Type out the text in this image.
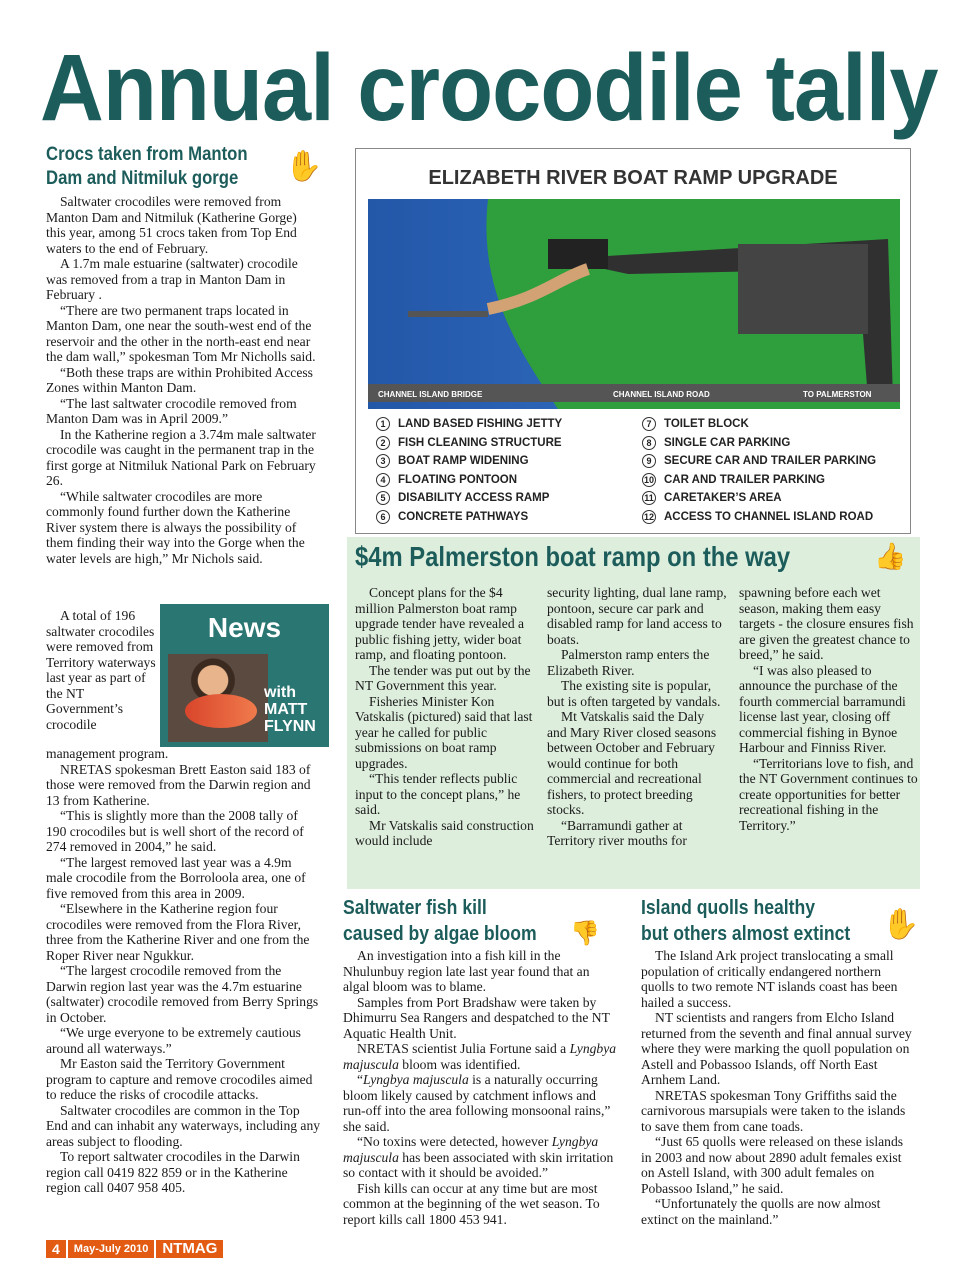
Annual crocodile tally
Crocs taken from Manton Dam and Nitmiluk gorge	✋

Saltwater crocodiles were removed from Manton Dam and Nitmiluk (Katherine Gorge) this year, among 51 crocs taken from Top End waters to the end of February.

A 1.7m male estuarine (saltwater) crocodile was removed from a trap in Manton Dam in February .

“There are two permanent traps located in Manton Dam, one near the south-west end of the reservoir and the other in the north-east end near the dam wall,” spokesman Tom Mr Nicholls said.

“Both these traps are within Prohibited Access Zones within Manton Dam.

“The last saltwater crocodile removed from Manton Dam was in April 2009.”

In the Katherine region a 3.74m male saltwater crocodile was caught in the permanent trap in the first gorge at Nitmiluk National Park on February 26.

“While saltwater crocodiles are more commonly found further down the Katherine River system there is always the possibility of them finding their way into the Gorge when the water levels are high,” Mr Nichols said.

A total of 196 saltwater crocodiles were removed from Territory waterways last year as part of the NT Government’s crocodile

News
with
MATT
FLYNN

management program.

NRETAS spokesman Brett Easton said 183 of those were removed from the Darwin region and 13 from Katherine.

“This is slightly more than the 2008 tally of 190 crocodiles but is well short of the record of 274 removed in 2004,” he said.

“The largest removed last year was a 4.9m male crocodile from the Borroloola area, one of five removed from this area in 2009.

“Elsewhere in the Katherine region four crocodiles were removed from the Flora River, three from the Katherine River and one from the Roper River near Ngukkur.

“The largest crocodile removed from the Darwin region last year was the 4.7m estuarine (saltwater) crocodile removed from Berry Springs in October.

“We urge everyone to be extremely cautious around all waterways.”

Mr Easton said the Territory Government program to capture and remove crocodiles aimed to reduce the risks of crocodile attacks.

Saltwater crocodiles are common in the Top End and can inhabit any waterways, including any areas subject to flooding.

To report saltwater crocodiles in the Darwin region call 0419 822 859 or in the Katherine region call 0407 958 405.

ELIZABETH RIVER BOAT RAMP UPGRADE
CHANNEL ISLAND BRIDGE	CHANNEL ISLAND ROAD	TO PALMERSTON
1	LAND BASED FISHING JETTY
2	FISH CLEANING STRUCTURE
3	BOAT RAMP WIDENING
4	FLOATING PONTOON
5	DISABILITY ACCESS RAMP
6	CONCRETE PATHWAYS
7	TOILET BLOCK
8	SINGLE CAR PARKING
9	SECURE CAR AND TRAILER PARKING
10 CAR AND TRAILER PARKING
11 CARETAKER’S AREA
12 ACCESS TO CHANNEL ISLAND ROAD
$4m Palmerston boat ramp on the way	👍

Concept plans for the $4 million Palmerston boat ramp upgrade tender have revealed a public fishing jetty, wider boat ramp, and floating pontoon.

The tender was put out by the NT Government this year.

Fisheries Minister Kon Vatskalis (pictured) said that last year he called for public submissions on boat ramp upgrades.

“This tender reflects public input to the concept plans,” he said.

Mr Vatskalis said construction would include

security lighting, dual lane ramp, pontoon, secure car park and disabled ramp for land access to boats.

Palmerston ramp enters the Elizabeth River.

The existing site is popular, but is often targeted by vandals.

Mt Vatskalis said the Daly and Mary River closed seasons between October and February would continue for both commercial and recreational fishers, to protect breeding stocks.

“Barramundi gather at Territory river mouths for

spawning before each wet season, making them easy targets - the closure ensures fish are given the greatest chance to breed,” he said.

“I was also pleased to announce the purchase of the fourth commercial barramundi license last year, closing off commercial fishing in Bynoe Harbour and Finniss River.

“Territorians love to fish, and the NT Government continues to create opportunities for better recreational fishing in the Territory.”

Saltwater fish kill
caused by algae bloom 👎

An investigation into a fish kill in the Nhulunbuy region late last year found that an algal bloom was to blame.

Samples from Port Bradshaw were taken by Dhimurru Sea Rangers and despatched to the NT Aquatic Health Unit.

NRETAS scientist Julia Fortune said a Lyngbya majuscula bloom was identified.

“Lyngbya majuscula is a naturally occurring bloom likely caused by catchment inflows and run-off into the area following monsoonal rains,” she said.

“No toxins were detected, however Lyngbya majuscula has been associated with skin irritation so contact with it should be avoided.”

Fish kills can occur at any time but are most common at the beginning of the wet season. To report kills call 1800 453 941.

Island quolls healthy
but others almost extinct ✋

The Island Ark project translocating a small population of critically endangered northern quolls to two remote NT islands coast has been hailed a success.

NT scientists and rangers from Elcho Island returned from the seventh and final annual survey where they were marking the quoll population on Astell and Pobassoo Islands, off North East Arnhem Land.

NRETAS spokesman Tony Griffiths said the carnivorous marsupials were taken to the islands to save them from cane toads.

“Just 65 quolls were released on these islands in 2003 and now about 2890 adult females exist on Astell Island, with 300 adult females on Pobassoo Island,” he said.

“Unfortunately the quolls are now almost extinct on the mainland.”

4	May-July 2010 NTMAG
